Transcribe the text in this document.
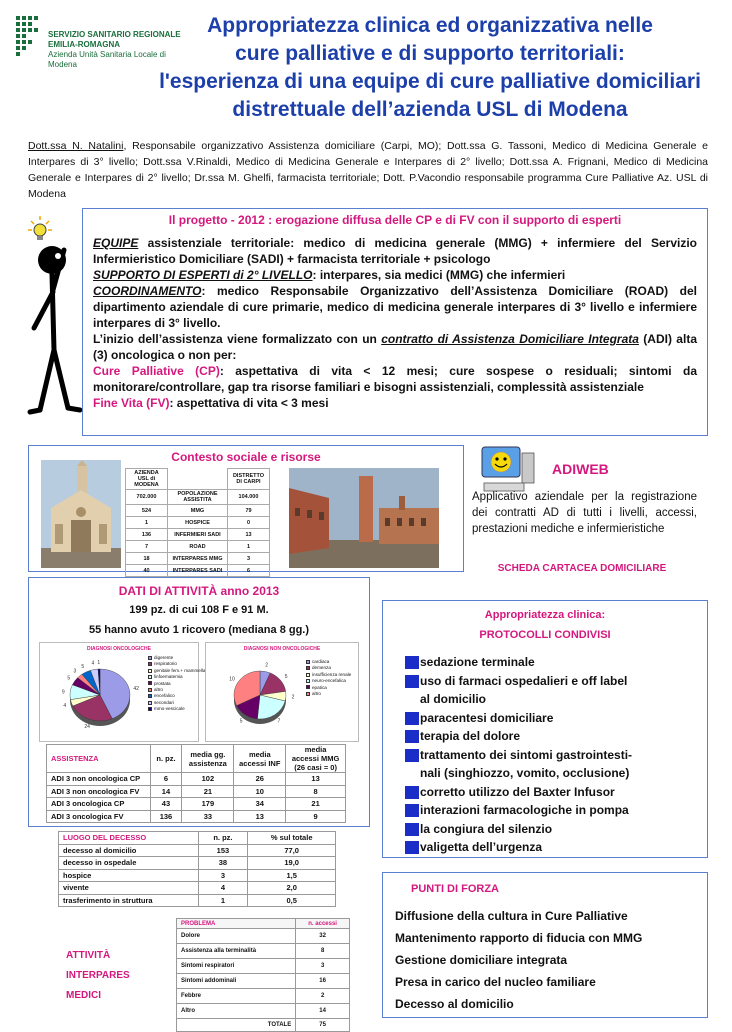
SERVIZIO SANITARIO REGIONALE
EMILIA-ROMAGNA
Azienda Unità Sanitaria Locale di Modena
Appropriatezza clinica ed organizzativa nelle
cure palliative e di supporto territoriali:
l'esperienza di una equipe di cure palliative domiciliari
distrettuale dell’azienda USL di Modena
Dott.ssa N. Natalini, Responsabile organizzativo Assistenza domiciliare (Carpi, MO); Dott.ssa G. Tassoni, Medico di Medicina Generale e Interpares di 3° livello; Dott.ssa V.Rinaldi, Medico di Medicina Generale e Interpares di 2° livello; Dott.ssa A. Frignani, Medico di Medicina Generale e Interpares di 2° livello; Dr.ssa M. Ghelfi, farmacista territoriale; Dott. P.Vacondio responsabile programma Cure Palliative Az. USL di Modena
Il progetto - 2012 : erogazione diffusa delle CP e di FV con il supporto di esperti

EQUIPE assistenziale territoriale: medico di medicina generale (MMG) + infermiere del Servizio Infermieristico Domiciliare (SADI) + farmacista territoriale + psicologo

SUPPORTO DI ESPERTI di 2° LIVELLO: interpares, sia medici (MMG) che infermieri

COORDINAMENTO: medico Responsabile Organizzativo dell’Assistenza Domiciliare (ROAD) del dipartimento aziendale di cure primarie, medico di medicina generale interpares di 3° livello e infermiere interpares di 3° livello.

L’inizio dell’assistenza viene formalizzato con un contratto di Assistenza Domiciliare Integrata (ADI) alta (3) oncologica o non per:

Cure Palliative (CP): aspettativa di vita < 12 mesi; cure sospese o residuali; sintomi da monitorare/controllare, gap tra risorse familiari e bisogni assistenziali, complessità assistenziale

Fine Vita (FV): aspettativa di vita < 3 mesi

Contesto sociale e risorse
AZIENDA USL di MODENA		DISTRETTO DI CARPI
702.000	POPOLAZIONE ASSISTITA	104.000
524	MMG	79
1	HOSPICE	0
136	INFERMIERI SADI	13
7	ROAD	1
18	INTERPARES MMG	3
40	INTERPARES SADI	6
ADIWEB
Applicativo aziendale per la registrazione dei contratti AD di tutti i livelli, accessi, prestazioni mediche e infermieristiche
SCHEDA CARTACEA DOMICILIARE
DATI DI ATTIVITÀ anno 2013
199 pz. di cui 108 F e 91 M.
55 hanno avuto 1 ricovero (mediana 8 gg.)
DIAGNOSI ONCOLOGICHE
42
24
4
9
5
3
5
4 1
digerente
respiratorio
genitale fem.+ mammella
linfoematemia
prostata
altro
encefalico
secondari
mmo-vescicale
DIAGNOSI NON ONCOLOGICHE
2
5
2
7
5
10
cardiaca
demenza
insufficienza renale
neuro-encefalica
epatica
altro
ASSISTENZA	n. pz.	media gg. assistenza	media accessi INF	media accessi MMG (26 casi = 0)
ADI 3 non oncologica CP	6	102	26	13
ADI 3 non oncologica FV	14	21	10	8
ADI 3 oncologica CP	43	179	34	21
ADI 3 oncologica FV	136	33	13	9
LUOGO DEL DECESSO	n. pz.	% sul totale
decesso al domicilio	153	77,0
decesso in ospedale	38	19,0
hospice	3	1,5
vivente	4	2,0
trasferimento in struttura	1	0,5
ATTIVITÀ
INTERPARES
MEDICI
PROBLEMA	n. accessi
Dolore	32
Assistenza alla terminalità	8
Sintomi respiratori	3
Sintomi addominali	16
Febbre	2
Altro	14
TOTALE	75
Appropriatezza clinica:
PROTOCOLLI CONDIVISI
sedazione terminale
uso di farmaci ospedalieri e off label
al domicilio
paracentesi domiciliare
terapia del dolore
trattamento dei sintomi gastrointesti-
nali (singhiozzo, vomito, occlusione)
corretto utilizzo del Baxter Infusor
interazioni farmacologiche in pompa
la congiura del silenzio
valigetta dell’urgenza
PUNTI DI FORZA
Diffusione della cultura in Cure Palliative
Mantenimento rapporto di fiducia con MMG
Gestione domiciliare integrata
Presa in carico del nucleo familiare
Decesso al domicilio
